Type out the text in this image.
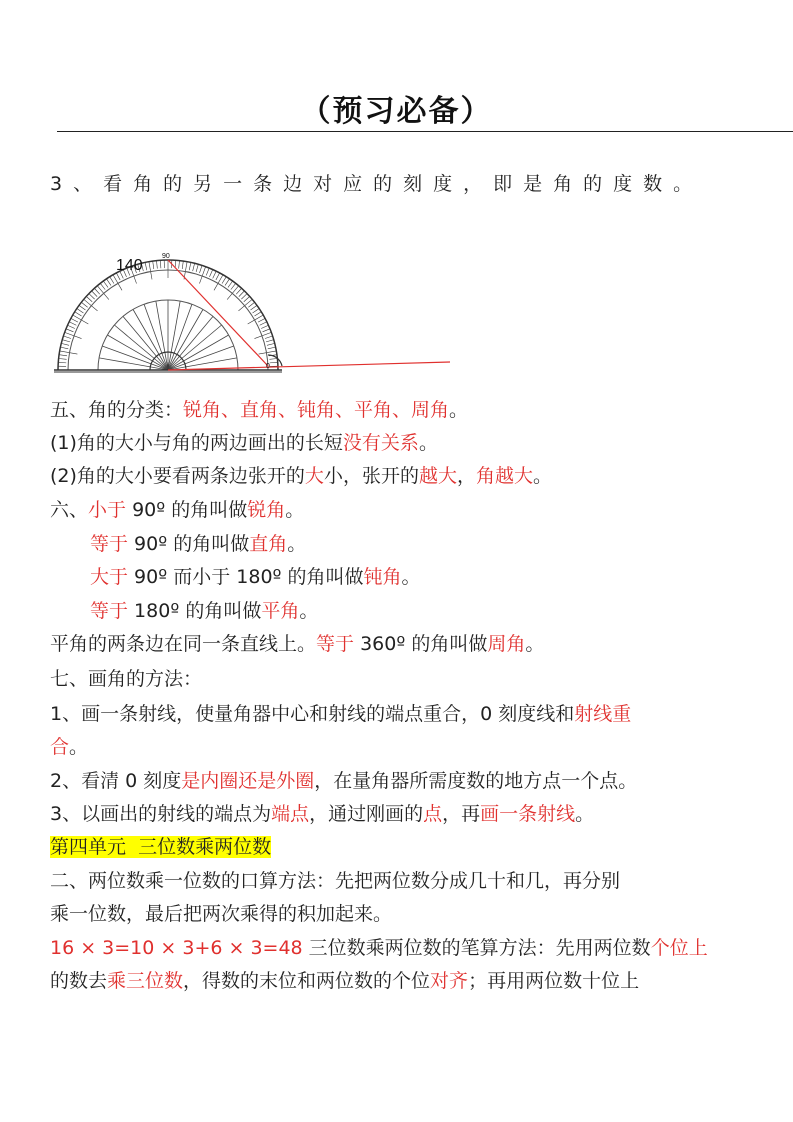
（预习必备）
3、看角的另一条边对应的刻度，即是角的度数。
140
90
0
五、角的分类：锐角、直角、钝角、平角、周角。
(1)角的大小与角的两边画出的长短没有关系。
(2)角的大小要看两条边张开的大小，张开的越大，角越大。
六、小于 90º 的角叫做锐角。
等于 90º 的角叫做直角。
大于 90º 而小于 180º 的角叫做钝角。
等于 180º 的角叫做平角。
平角的两条边在同一条直线上。等于 360º 的角叫做周角。
七、画角的方法：
1、画一条射线，使量角器中心和射线的端点重合，0 刻度线和射线重
合。
2、看清 0 刻度是内圈还是外圈，在量角器所需度数的地方点一个点。
3、以画出的射线的端点为端点，通过刚画的点，再画一条射线。
第四单元  三位数乘两位数
二、两位数乘一位数的口算方法：先把两位数分成几十和几，再分别
乘一位数，最后把两次乘得的积加起来。
16 × 3=10 × 3+6 × 3=48 三位数乘两位数的笔算方法：先用两位数个位上
的数去乘三位数，得数的末位和两位数的个位对齐；再用两位数十位上
